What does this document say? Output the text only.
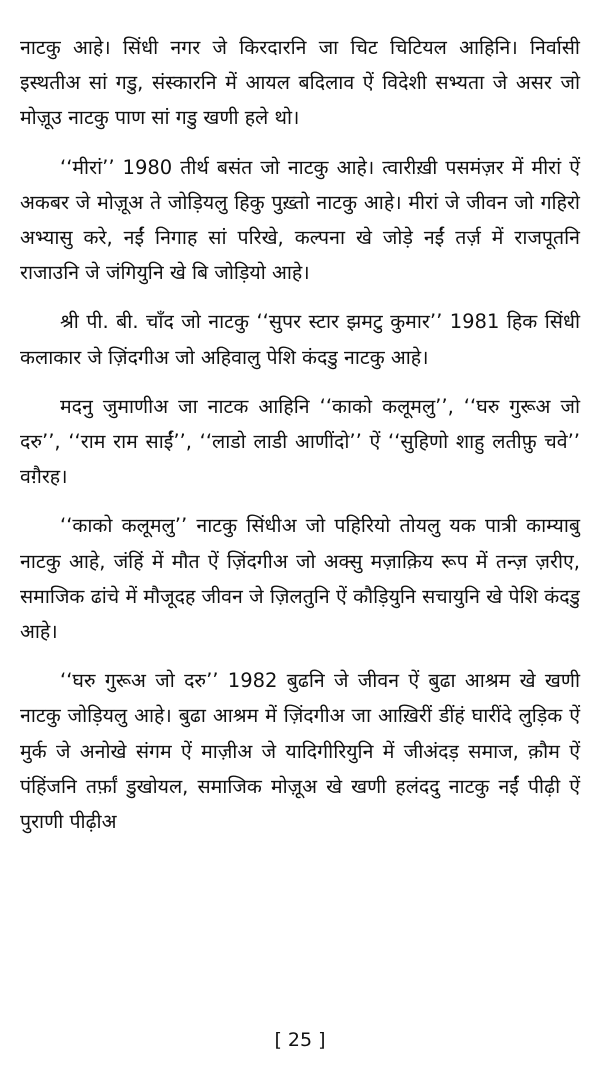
नाटकु आहे। सिंधी नगर जे किरदारनि जा चिट चिटियल आहिनि। निर्वासी इस्थतीअ सां गडु, संस्कारनि में आयल बदिलाव ऐं विदेशी सभ्यता जे असर जो मोज़ूउ नाटकु पाण सां गडु खणी हले थो।

‘‘मीरां’’ 1980 तीर्थ बसंत जो नाटकु आहे। त्वारीख़ी पसमंज़र में मीरां ऐं अकबर जे मोज़ूअ ते जोड़ियलु हिकु पुख़्तो नाटकु आहे। मीरां जे जीवन जो गहिरो अभ्यासु करे, नईं निगाह सां परिखे, कल्पना खे जोड़े नईं तर्ज़ में राजपूतनि राजाउनि जे जंगियुनि खे बि जोड़ियो आहे।

श्री पी. बी. चाँद जो नाटकु ‘‘सुपर स्टार झमटु कुमार’’ 1981 हिक सिंधी कलाकार जे ज़िंदगीअ जो अहिवालु पेशि कंदडु नाटकु आहे।

मदनु जुमाणीअ जा नाटक आहिनि ‘‘काको कलूमलु’’, ‘‘घरु गुरूअ जो दरु’’, ‘‘राम राम साईं’’, ‘‘लाडो लाडी आणींदो’’ ऐं ‘‘सुहिणो शाहु लतीफ़ु चवे’’ वग़ैरह।

‘‘काको कलूमलु’’ नाटकु सिंधीअ जो पहिरियो तोयलु यक पात्री काम्याबु नाटकु आहे, जंहिं में मौत ऐं ज़िंदगीअ जो अक्सु मज़ाक़िय रूप में तन्ज़ ज़रीए, समाजिक ढांचे में मौजूदह जीवन जे ज़िलतुनि ऐं कौड़ियुनि सचायुनि खे पेशि कंदडु आहे।

‘‘घरु गुरूअ जो दरु’’ 1982 बुढनि जे जीवन ऐं बुढा आश्रम खे खणी नाटकु जोड़ियलु आहे। बुढा आश्रम में ज़िंदगीअ जा आख़िरीं डींहं घारींदे लुड़िक ऐं मुर्क जे अनोखे संगम ऐं माज़ीअ जे यादिगीरियुनि में जीअंदड़ समाज, क़ौम ऐं पंहिंजनि तर्फ़ां डुखोयल, समाजिक मोज़ूअ खे खणी हलंददु नाटकु नईं पीढ़ी ऐं पुराणी पीढ़ीअ

[ 25 ]
